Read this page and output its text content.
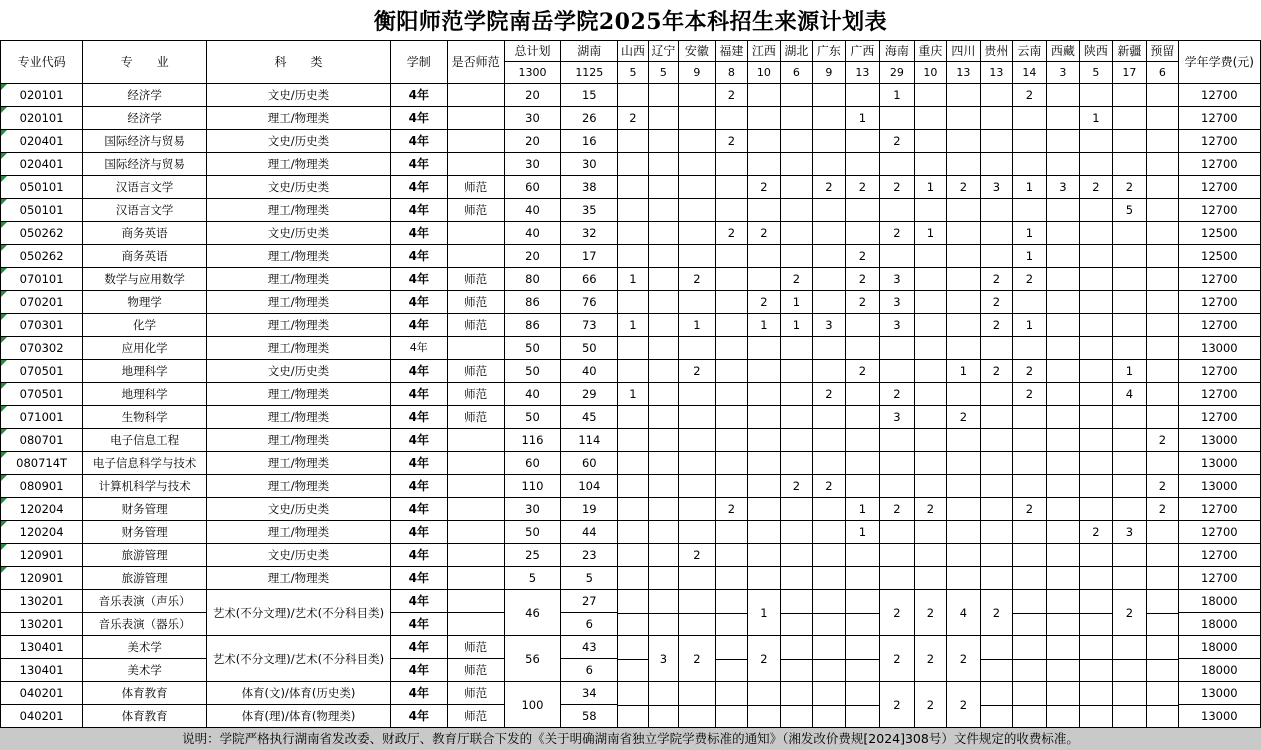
衡阳师范学院南岳学院2025年本科招生来源计划表
专业代码	专　　业	科　　类	学制	是否师范	总计划	湖南	山西	辽宁	安徽	福建	江西	湖北	广东	广西	海南	重庆	四川	贵州	云南	西藏	陕西	新疆	预留	学年学费(元)
					1300	1125	5	5	9	8	10	6	9	13	29	10	13	13	14	3	5	17	6	
020101	经济学	文史/历史类	4年		20	15				2					1				2					12700
020101	经济学	理工/物理类	4年		30	26	2							1							1			12700
020401	国际经济与贸易	文史/历史类	4年		20	16				2					2									12700
020401	国际经济与贸易	理工/物理类	4年		30	30																		12700
050101	汉语言文学	文史/历史类	4年	师范	60	38					2		2	2	2	1	2	3	1	3	2	2		12700
050101	汉语言文学	理工/物理类	4年	师范	40	35																5		12700
050262	商务英语	文史/历史类	4年		40	32				2	2				2	1			1					12500
050262	商务英语	理工/物理类	4年		20	17								2					1					12500
070101	数学与应用数学	理工/物理类	4年	师范	80	66	1		2			2		2	3			2	2					12700
070201	物理学	理工/物理类	4年	师范	86	76					2	1		2	3			2						12700
070301	化学	理工/物理类	4年	师范	86	73	1		1		1	1	3		3			2	1					12700
070302	应用化学	理工/物理类	4年		50	50																		13000
070501	地理科学	文史/历史类	4年	师范	50	40			2					2			1	2	2			1		12700
070501	地理科学	理工/物理类	4年	师范	40	29	1						2		2				2			4		12700
071001	生物科学	理工/物理类	4年	师范	50	45									3		2							12700
080701	电子信息工程	理工/物理类	4年		116	114																	2	13000
080714T	电子信息科学与技术	理工/物理类	4年		60	60																		13000
080901	计算机科学与技术	理工/物理类	4年		110	104						2	2										2	13000
120204	财务管理	文史/历史类	4年		30	19				2				1	2	2			2				2	12700
120204	财务管理	理工/物理类	4年		50	44								1							2	3		12700
120901	旅游管理	文史/历史类	4年		25	23			2															12700
120901	旅游管理	理工/物理类	4年		5	5																		12700
130201	音乐表演（声乐）	艺术(不分文理)/艺术(不分科目类)	4年		46	27					1				2	2	4	2				2		18000
130201	音乐表演（器乐）		4年			6																		18000
130401	美术学	艺术(不分文理)/艺术(不分科目类)	4年	师范	56	43		3	2		2				2	2	2							18000
130401	美术学		4年	师范		6																		18000
040201	体育教育	体育(文)/体育(历史类)	4年	师范	100	34									2	2	2							13000
040201	体育教育	体育(理)/体育(物理类)	4年	师范		58																		13000
说明：学院严格执行湖南省发改委、财政厅、教育厅联合下发的《关于明确湖南省独立学院学费标准的通知》（湘发改价费规[2024]308号）文件规定的收费标准。
